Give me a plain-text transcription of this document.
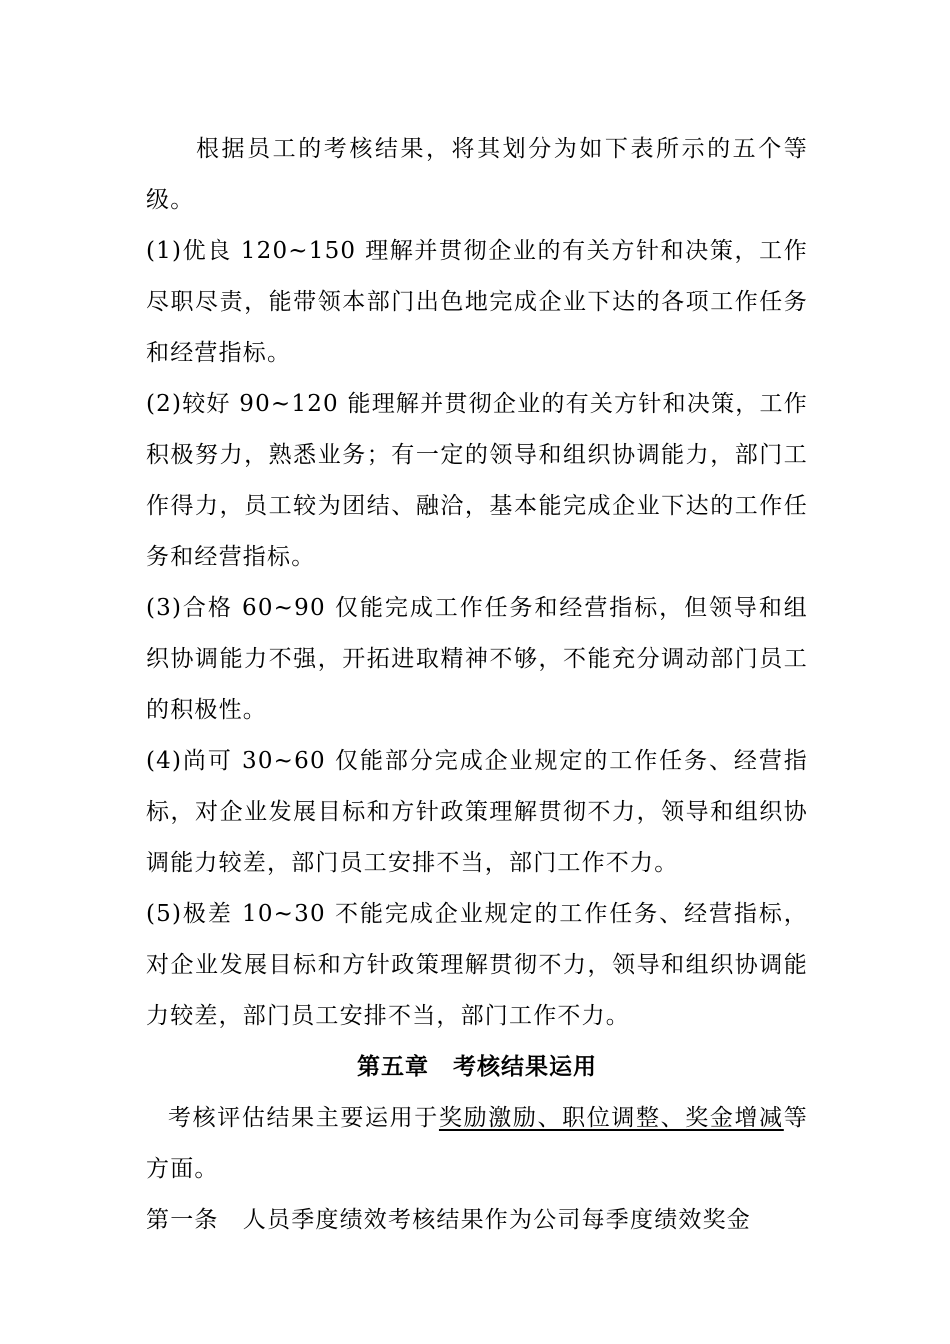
根据员工的考核结果，将其划分为如下表所示的五个等级。

(1)优良 120~150 理解并贯彻企业的有关方针和决策，工作尽职尽责，能带领本部门出色地完成企业下达的各项工作任务和经营指标。

(2)较好 90~120 能理解并贯彻企业的有关方针和决策，工作积极努力，熟悉业务；有一定的领导和组织协调能力，部门工作得力，员工较为团结、融洽，基本能完成企业下达的工作任务和经营指标。

(3)合格 60~90 仅能完成工作任务和经营指标，但领导和组织协调能力不强，开拓进取精神不够，不能充分调动部门员工的积极性。

(4)尚可 30~60 仅能部分完成企业规定的工作任务、经营指标，对企业发展目标和方针政策理解贯彻不力，领导和组织协调能力较差，部门员工安排不当，部门工作不力。

(5)极差 10~30 不能完成企业规定的工作任务、经营指标，对企业发展目标和方针政策理解贯彻不力，领导和组织协调能力较差，部门员工安排不当，部门工作不力。

第五章　考核结果运用

考核评估结果主要运用于奖励激励、职位调整、奖金增减等方面。

第一条　人员季度绩效考核结果作为公司每季度绩效奖金
